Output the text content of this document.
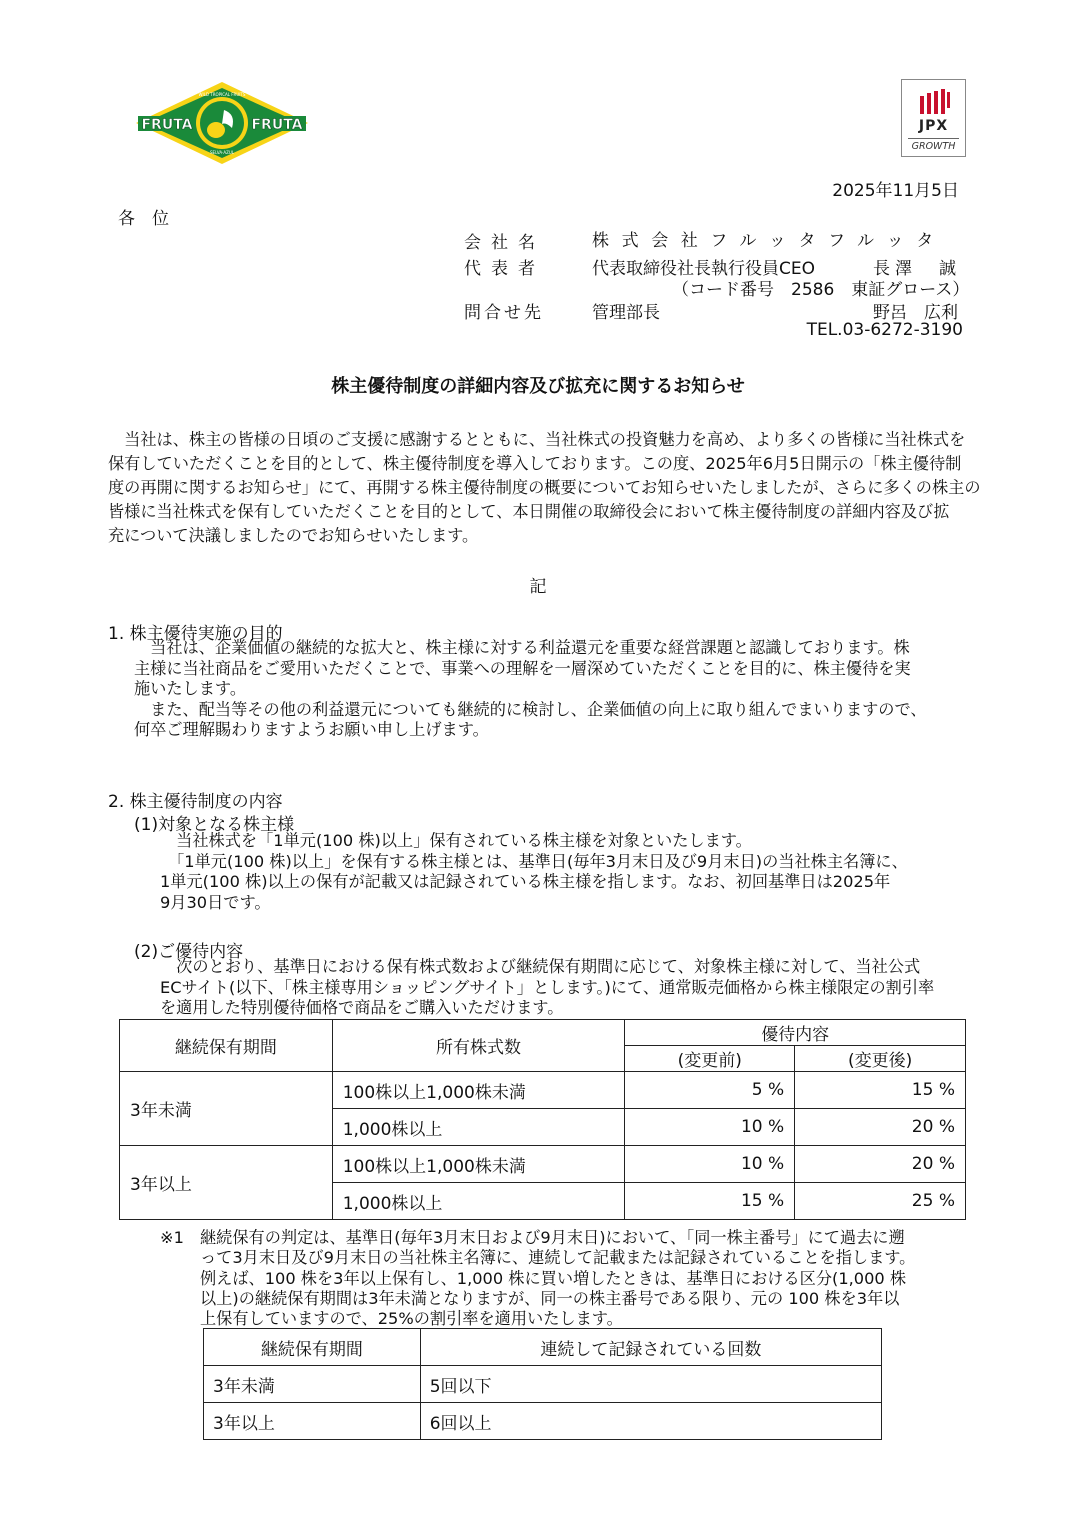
FRUTA	FRUTA
WILD TROPICAL FRUITS
SELVA·AZUL
JPX
GROWTH
2025年11月5日
各　位
会社名	株式会社フルッタフルッタ
代表者	代表取締役社長執行役員CEO	長澤　誠
（コード番号　2586　東証グロース）
問合せ先	管理部長	野呂　広利
TEL.03-6272-3190
株主優待制度の詳細内容及び拡充に関するお知らせ

　当社は、株主の皆様の日頃のご支援に感謝するとともに、当社株式の投資魅力を高め、より多くの皆様に当社株式を

保有していただくことを目的として、株主優待制度を導入しております。この度、2025年6月5日開示の「株主優待制

度の再開に関するお知らせ」にて、再開する株主優待制度の概要についてお知らせいたしましたが、さらに多くの株主の

皆様に当社株式を保有していただくことを目的として、本日開催の取締役会において株主優待制度の詳細内容及び拡

充について決議しましたのでお知らせいたします。

記
1. 株主優待実施の目的

　当社は、企業価値の継続的な拡大と、株主様に対する利益還元を重要な経営課題と認識しております。株

主様に当社商品をご愛用いただくことで、事業への理解を一層深めていただくことを目的に、株主優待を実

施いたします。

　また、配当等その他の利益還元についても継続的に検討し、企業価値の向上に取り組んでまいりますので、

何卒ご理解賜わりますようお願い申し上げます。

2. 株主優待制度の内容
(1)対象となる株主様

　当社株式を「1単元(100 株)以上」保有されている株主様を対象といたします。

　「1単元(100 株)以上」を保有する株主様とは、基準日(毎年3月末日及び9月末日)の当社株主名簿に、

1単元(100 株)以上の保有が記載又は記録されている株主様を指します。なお、初回基準日は2025年

9月30日です。

(2)ご優待内容

　次のとおり、基準日における保有株式数および継続保有期間に応じて、対象株主様に対して、当社公式

ECサイト(以下、「株主様専用ショッピングサイト」とします。)にて、通常販売価格から株主様限定の割引率

を適用した特別優待価格で商品をご購入いただけます。

継続保有期間	所有株式数	優待内容	
		(変更前)	(変更後)
3年未満	100株以上1,000株未満	5 %	15 %
	1,000株以上	10 %	20 %
3年以上	100株以上1,000株未満	10 %	20 %
	1,000株以上	15 %	25 %
※1 継続保有の判定は、基準日(毎年3月末日および9月末日)において、「同一株主番号」にて過去に遡

って3月末日及び9月末日の当社株主名簿に、連続して記載または記録されていることを指します。

例えば、100 株を3年以上保有し、1,000 株に買い増したときは、基準日における区分(1,000 株

以上)の継続保有期間は3年未満となりますが、同一の株主番号である限り、元の 100 株を3年以

上保有していますので、25%の割引率を適用いたします。

継続保有期間	連続して記録されている回数
3年未満	5回以下
3年以上	6回以上
